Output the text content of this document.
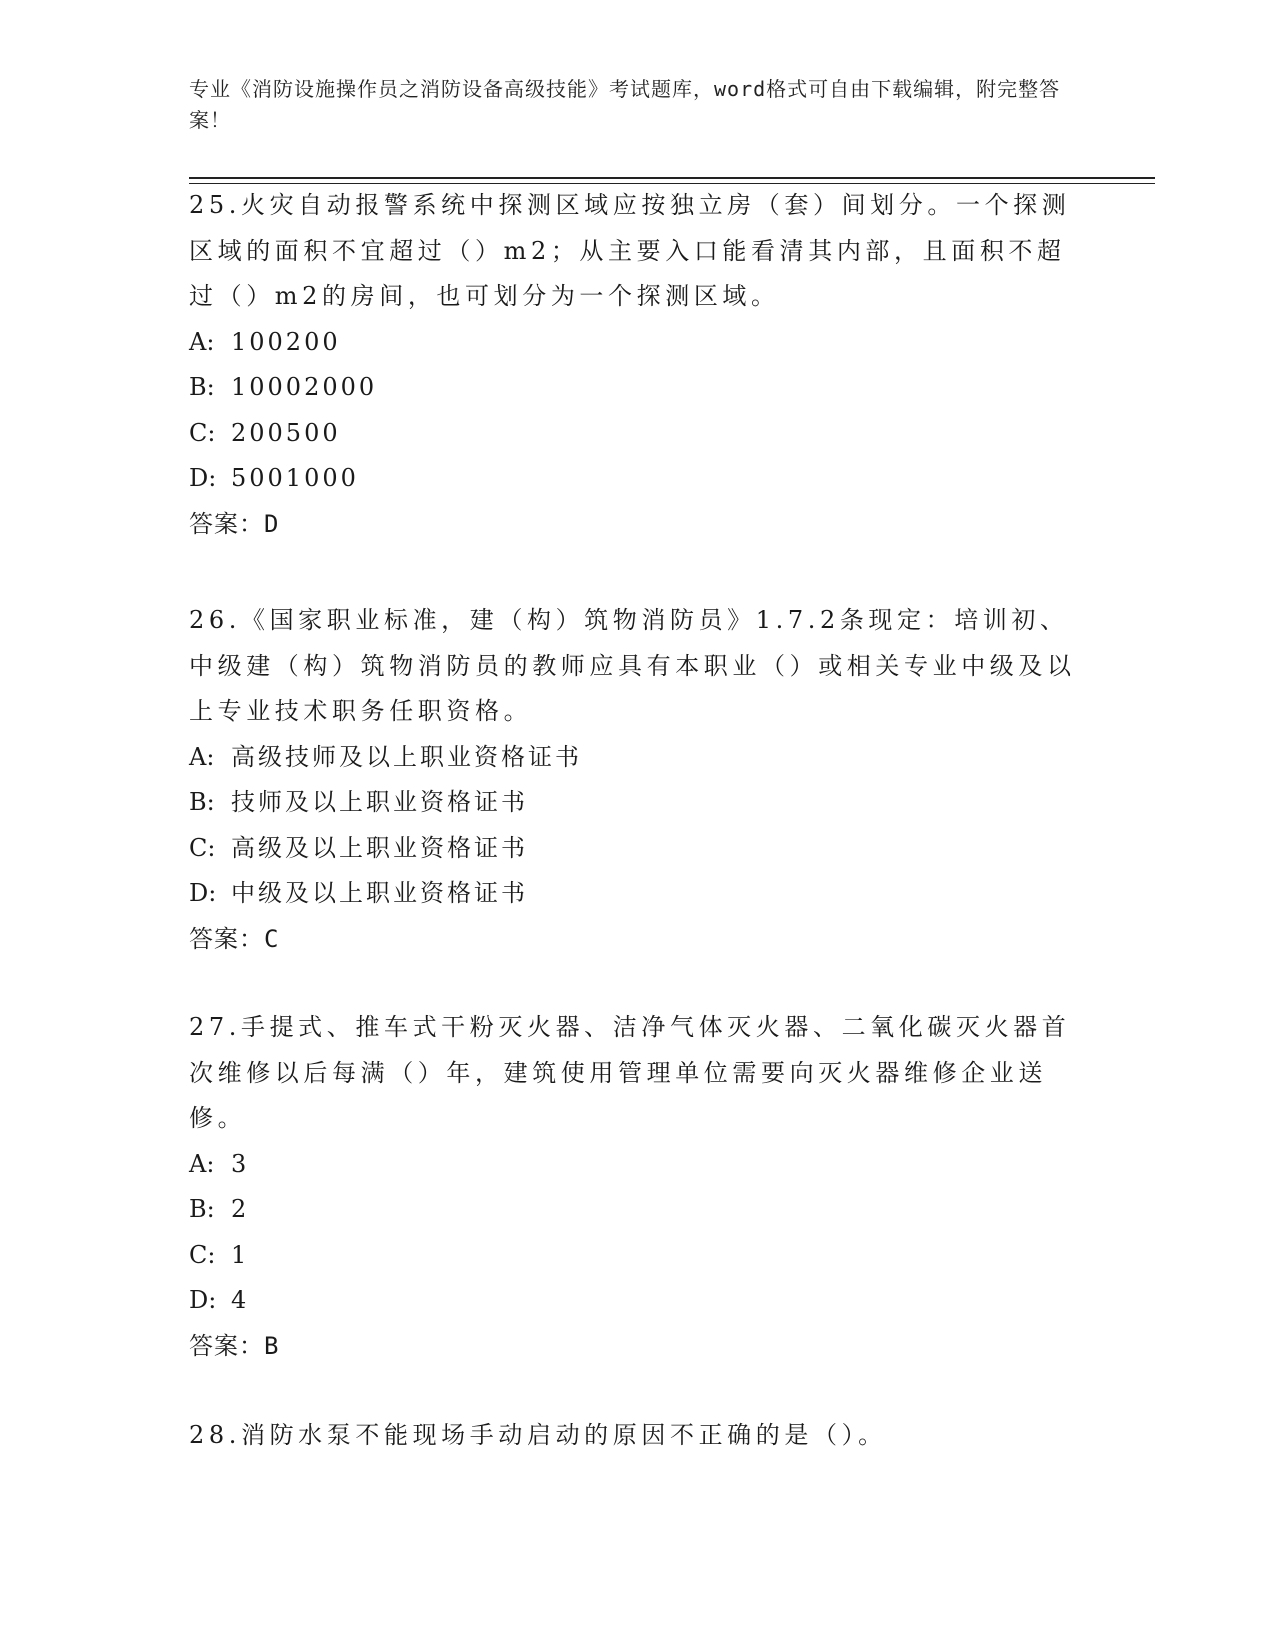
专业《消防设施操作员之消防设备高级技能》考试题库，word格式可自由下载编辑，附完整答案！

25.火灾自动报警系统中探测区域应按独立房（套）间划分。一个探测区域的面积不宜超过（）m2；从主要入口能看清其内部，且面积不超过（）m2的房间，也可划分为一个探测区域。

A: 100200

B: 10002000

C: 200500

D: 5001000

答案：D

26.《国家职业标准，建（构）筑物消防员》1.7.2条现定：培训初、中级建（构）筑物消防员的教师应具有本职业（）或相关专业中级及以上专业技术职务任职资格。

A: 高级技师及以上职业资格证书

B: 技师及以上职业资格证书

C: 高级及以上职业资格证书

D: 中级及以上职业资格证书

答案：C

27.手提式、推车式干粉灭火器、洁净气体灭火器、二氧化碳灭火器首次维修以后每满（）年，建筑使用管理单位需要向灭火器维修企业送修。

A: 3

B: 2

C: 1

D: 4

答案：B

28.消防水泵不能现场手动启动的原因不正确的是（）。
